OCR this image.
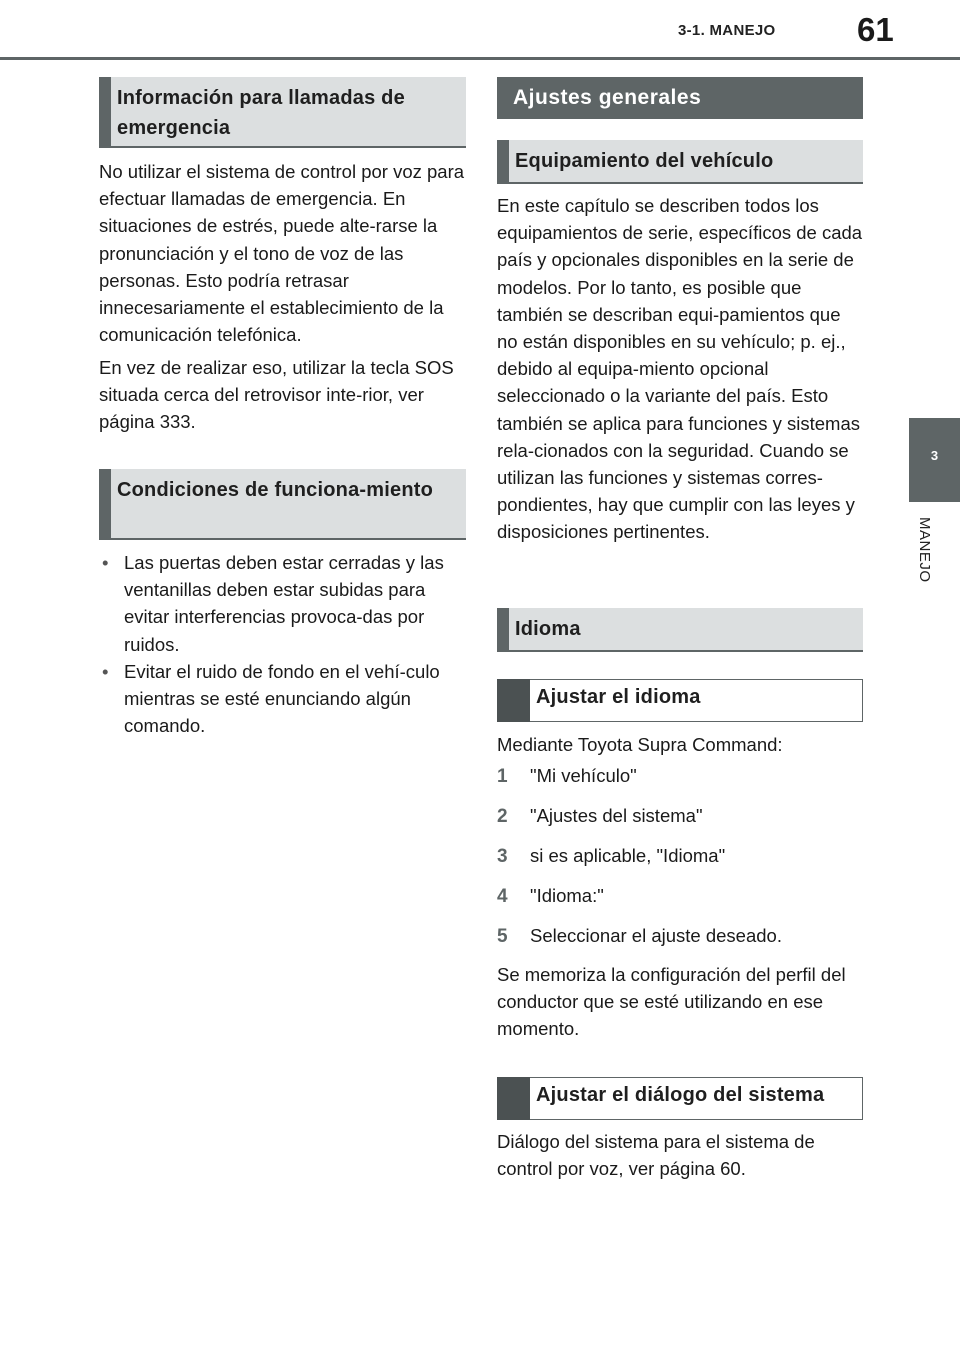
3-1. MANEJO 61
3
MANEJO
Información para llamadas de emergencia
No utilizar el sistema de control por voz para efectuar llamadas de emergencia. En situaciones de estrés, puede alte-rarse la pronunciación y el tono de voz de las personas. Esto podría retrasar innecesariamente el establecimiento de la comunicación telefónica.
En vez de realizar eso, utilizar la tecla SOS situada cerca del retrovisor inte-rior, ver página 333.
Condiciones de funciona-miento
• Las puertas deben estar cerradas y las ventanillas deben estar subidas para evitar interferencias provoca-das por ruidos.
• Evitar el ruido de fondo en el vehí-culo mientras se esté enunciando algún comando.
Ajustes generales
Equipamiento del vehículo
En este capítulo se describen todos los equipamientos de serie, específicos de cada país y opcionales disponibles en la serie de modelos. Por lo tanto, es posible que también se describan equi-pamientos que no están disponibles en su vehículo; p. ej., debido al equipa-miento opcional seleccionado o la variante del país. Esto también se aplica para funciones y sistemas rela-cionados con la seguridad. Cuando se utilizan las funciones y sistemas corres-pondientes, hay que cumplir con las leyes y disposiciones pertinentes.
Idioma
Ajustar el idioma
Mediante Toyota Supra Command:
1 "Mi vehículo"
2 "Ajustes del sistema"
3 si es aplicable, "Idioma"
4 "Idioma:"
5 Seleccionar el ajuste deseado.
Se memoriza la configuración del perfil del conductor que se esté utilizando en ese momento.
Ajustar el diálogo del sistema
Diálogo del sistema para el sistema de control por voz, ver página 60.
